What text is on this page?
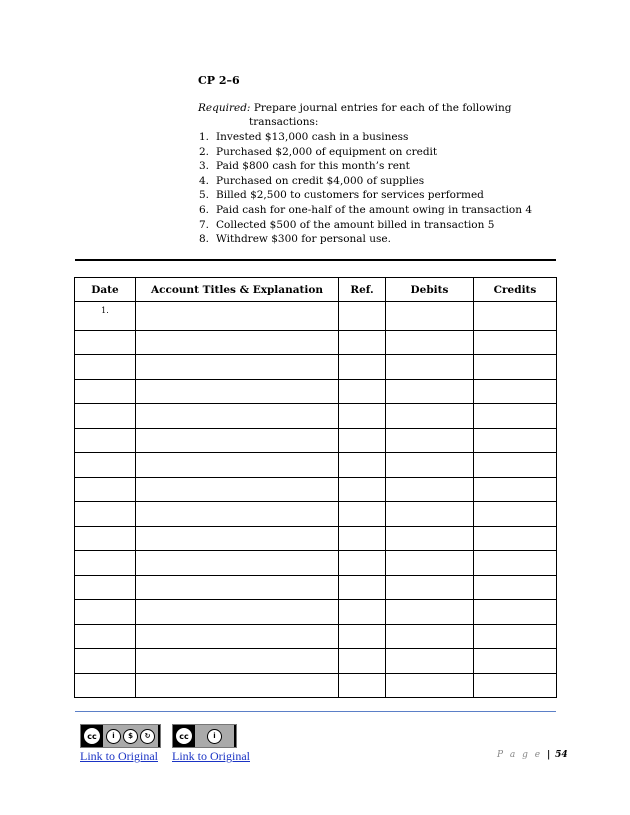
CP 2–6
Required: Prepare journal entries for each of the following
transactions:
1. Invested $13,000 cash in a business
2. Purchased $2,000 of equipment on credit
3. Paid $800 cash for this month’s rent
4. Purchased on credit $4,000 of supplies
5. Billed $2,500 to customers for services performed
6. Paid cash for one-half of the amount owing in transaction 4
7. Collected $500 of the amount billed in transaction 5
8. Withdrew $300 for personal use.
Date	Account Titles & Explanation	Ref.	Debits	Credits
1.				

cc	i	$	↻	cc	i
Link to Original Link to Original	P a g e | 54
